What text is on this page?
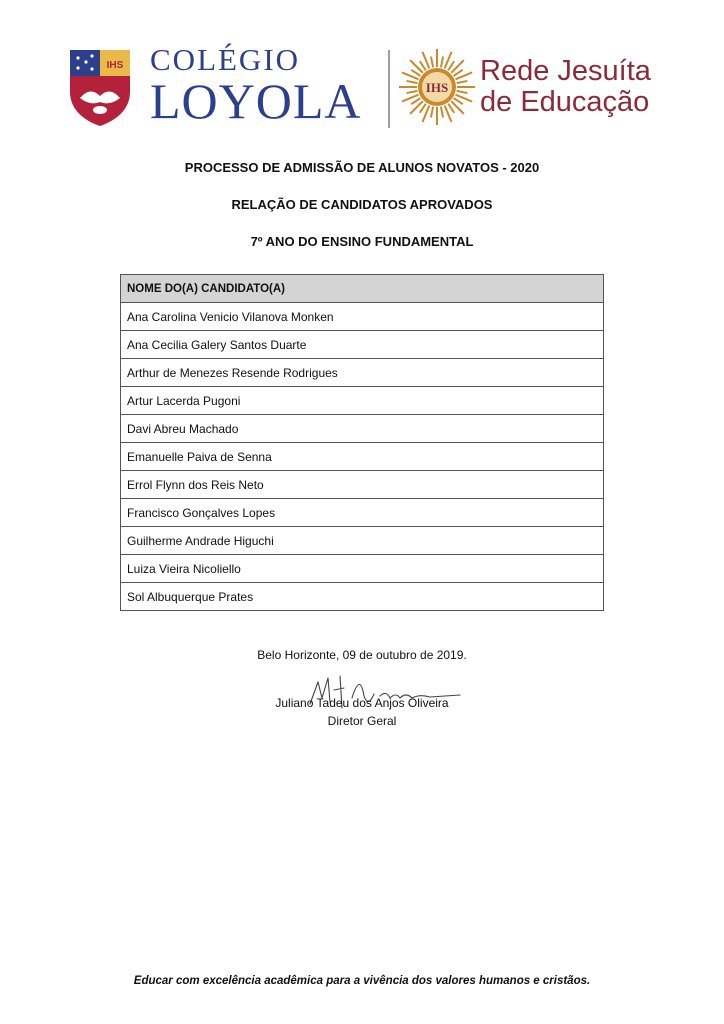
IHS COLÉGIO
LOYOLA	IHS
Rede Jesuíta
de Educação
PROCESSO DE ADMISSÃO DE ALUNOS NOVATOS - 2020
RELAÇÃO DE CANDIDATOS APROVADOS
7º ANO DO ENSINO FUNDAMENTAL
NOME DO(A) CANDIDATO(A)
Ana Carolina Venicio Vilanova Monken
Ana Cecilia Galery Santos Duarte
Arthur de Menezes Resende Rodrigues
Artur Lacerda Pugoni
Davi Abreu Machado
Emanuelle Paiva de Senna
Errol Flynn dos Reis Neto
Francisco Gonçalves Lopes
Guilherme Andrade Higuchi
Luiza Vieira Nicoliello
Sol Albuquerque Prates
Belo Horizonte, 09 de outubro de 2019.
Juliano Tadeu dos Anjos Oliveira
Diretor Geral
Educar com excelência acadêmica para a vivência dos valores humanos e cristãos.
